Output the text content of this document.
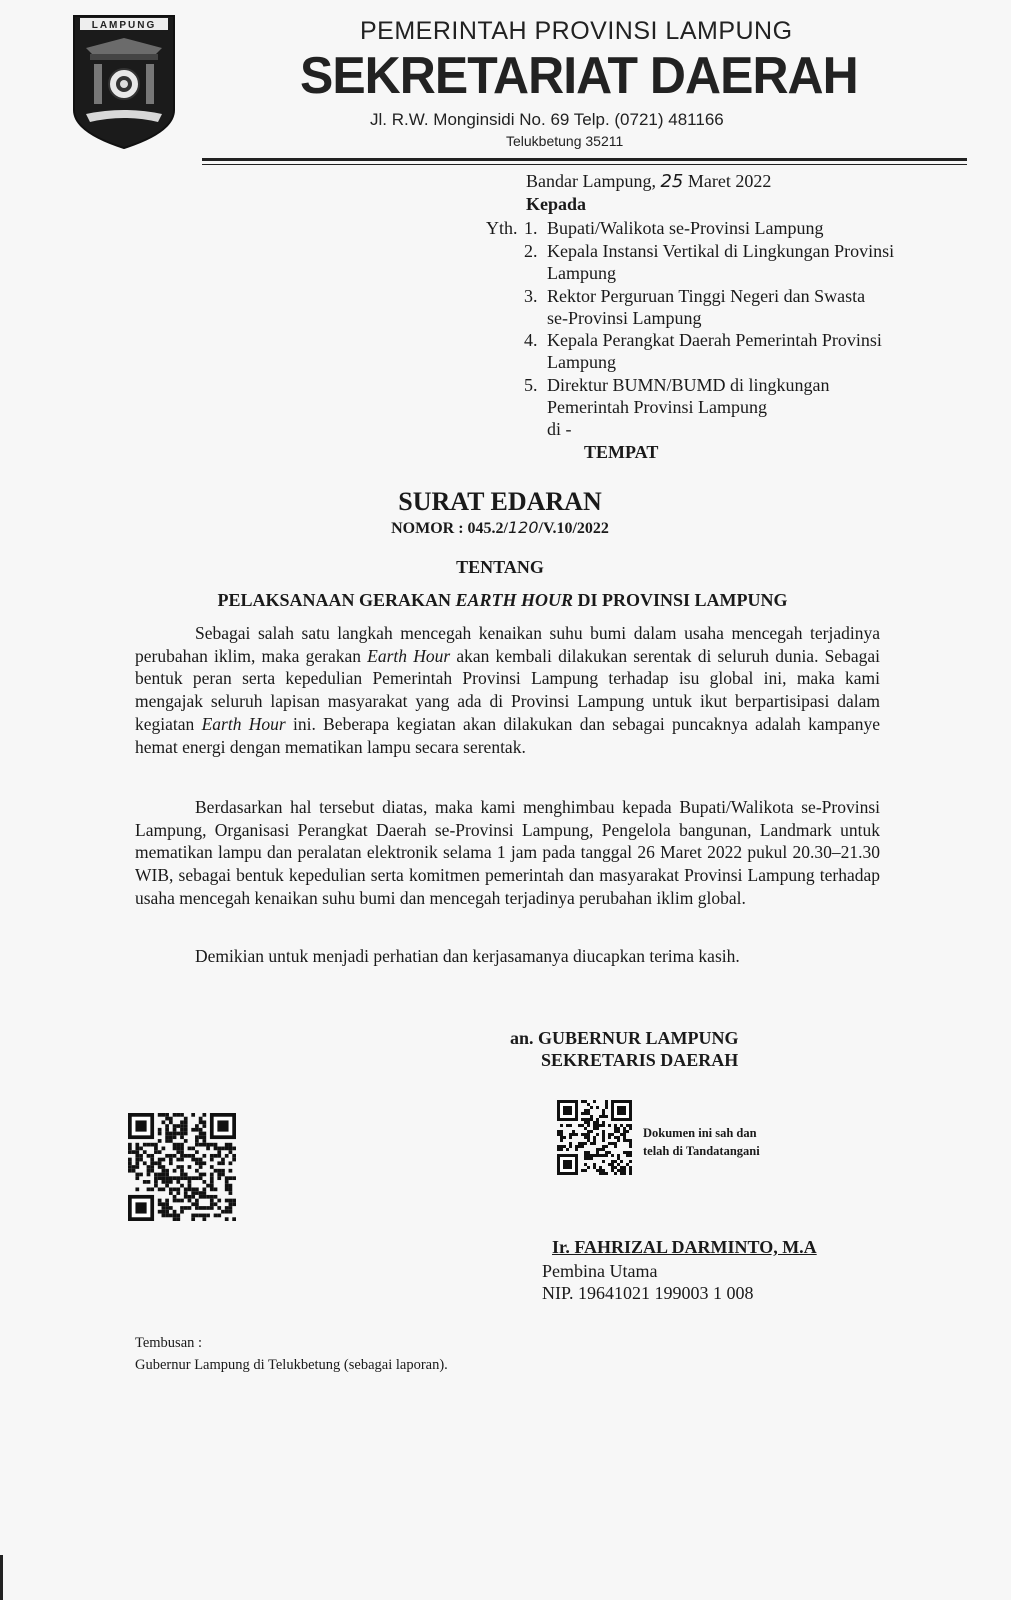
LAMPUNG	PEMERINTAH PROVINSI LAMPUNG
SEKRETARIAT DAERAH
Jl. R.W. Monginsidi No. 69 Telp. (0721) 481166
Telukbetung 35211
Bandar Lampung, 25 Maret 2022
Kepada
Yth. 1. Bupati/Walikota se-Provinsi Lampung
2. Kepala Instansi Vertikal di Lingkungan Provinsi
Lampung
3. Rektor Perguruan Tinggi Negeri dan Swasta
se-Provinsi Lampung
4. Kepala Perangkat Daerah Pemerintah Provinsi
Lampung
5. Direktur BUMN/BUMD di lingkungan
Pemerintah Provinsi Lampung
di -
TEMPAT
SURAT EDARAN
NOMOR : 045.2/120/V.10/2022
TENTANG
PELAKSANAAN GERAKAN EARTH HOUR DI PROVINSI LAMPUNG
Sebagai salah satu langkah mencegah kenaikan suhu bumi dalam usaha mencegah terjadinya perubahan iklim, maka gerakan Earth Hour akan kembali dilakukan serentak di seluruh dunia. Sebagai bentuk peran serta kepedulian Pemerintah Provinsi Lampung terhadap isu global ini, maka kami mengajak seluruh lapisan masyarakat yang ada di Provinsi Lampung untuk ikut berpartisipasi dalam kegiatan Earth Hour ini. Beberapa kegiatan akan dilakukan dan sebagai puncaknya adalah kampanye hemat energi dengan mematikan lampu secara serentak.
Berdasarkan hal tersebut diatas, maka kami menghimbau kepada Bupati/Walikota se-Provinsi Lampung, Organisasi Perangkat Daerah se-Provinsi Lampung, Pengelola bangunan, Landmark untuk mematikan lampu dan peralatan elektronik selama 1 jam pada tanggal 26 Maret 2022 pukul 20.30–21.30 WIB, sebagai bentuk kepedulian serta komitmen pemerintah dan masyarakat Provinsi Lampung terhadap usaha mencegah kenaikan suhu bumi dan mencegah terjadinya perubahan iklim global.
Demikian untuk menjadi perhatian dan kerjasamanya diucapkan terima kasih.
an. GUBERNUR LAMPUNG
SEKRETARIS DAERAH
Dokumen ini sah dan
telah di Tandatangani
Ir. FAHRIZAL DARMINTO, M.A
Pembina Utama
NIP. 19641021 199003 1 008
Tembusan :
Gubernur Lampung di Telukbetung (sebagai laporan).
